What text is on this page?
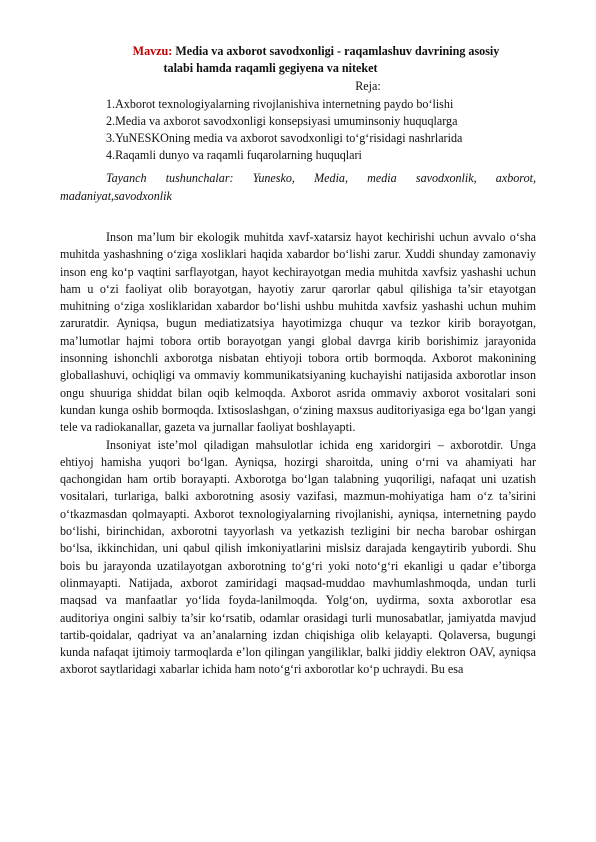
Mavzu: Media va axborot savodxonligi - raqamlashuv davrining asosiy
talabi hamda raqamli gegiyena va niteket
Reja:
1.Axborot texnologiyalarning rivojlanishiva internetning paydo bo‘lishi
2.Media va axborot savodxonligi konsepsiyasi umuminsoniy huquqlarga
3.YuNESKOning media va axborot savodxonligi to‘g‘risidagi nashrlarida
4.Raqamli dunyo va raqamli fuqarolarning huquqlari
Tayanch tushunchalar: Yunesko, Media, media savodxonlik, axborot, madaniyat,savodxonlik

Inson ma’lum bir ekologik muhitda xavf-xatarsiz hayot kechirishi uchun avvalo o‘sha muhitda yashashning o‘ziga xosliklari haqida xabardor bo‘lishi zarur. Xuddi shunday zamonaviy inson eng ko‘p vaqtini sarflayotgan, hayot kechirayotgan media muhitda xavfsiz yashashi uchun ham u o‘zi faoliyat olib borayotgan, hayotiy zarur qarorlar qabul qilishiga ta’sir etayotgan muhitning o‘ziga xosliklaridan xabardor bo‘lishi ushbu muhitda xavfsiz yashashi uchun muhim zaruratdir. Ayniqsa, bugun mediatizatsiya hayotimizga chuqur va tezkor kirib borayotgan, ma’lumotlar hajmi tobora ortib borayotgan yangi global davrga kirib borishimiz jarayonida insonning ishonchli axborotga nisbatan ehtiyoji tobora ortib bormoqda. Axborot makonining globallashuvi, ochiqligi va ommaviy kommunikatsiyaning kuchayishi natijasida axborotlar inson ongu shuuriga shiddat bilan oqib kelmoqda. Axborot asrida ommaviy axborot vositalari soni kundan kunga oshib bormoqda. Ixtisoslashgan, o‘zining maxsus auditoriyasiga ega bo‘lgan yangi tele va radiokanallar, gazeta va jurnallar faoliyat boshlayapti.

Insoniyat iste’mol qiladigan mahsulotlar ichida eng xaridorgiri – axborotdir. Unga ehtiyoj hamisha yuqori bo‘lgan. Ayniqsa, hozirgi sharoitda, uning o‘rni va ahamiyati har qachongidan ham ortib borayapti. Axborotga bo‘lgan talabning yuqoriligi, nafaqat uni uzatish vositalari, turlariga, balki axborotning asosiy vazifasi, mazmun-mohiyatiga ham o‘z ta’sirini o‘tkazmasdan qolmayapti. Axborot texnologiyalarning rivojlanishi, ayniqsa, internetning paydo bo‘lishi, birinchidan, axborotni tayyorlash va yetkazish tezligini bir necha barobar oshirgan bo‘lsa, ikkinchidan, uni qabul qilish imkoniyatlarini mislsiz darajada kengaytirib yubordi. Shu bois bu jarayonda uzatilayotgan axborotning to‘g‘ri yoki noto‘g‘ri ekanligi u qadar e’tiborga olinmayapti. Natijada, axborot zamiridagi maqsad-muddao mavhumlashmoqda, undan turli maqsad va manfaatlar yo‘lida foyda-lanilmoqda. Yolg‘on, uydirma, soxta axborotlar esa auditoriya ongini salbiy ta’sir ko‘rsatib, odamlar orasidagi turli munosabatlar, jamiyatda mavjud tartib-qoidalar, qadriyat va an’analarning izdan chiqishiga olib kelayapti. Qolaversa, bugungi kunda nafaqat ijtimoiy tarmoqlarda e’lon qilingan yangiliklar, balki jiddiy elektron OAV, ayniqsa axborot saytlaridagi xabarlar ichida ham noto‘g‘ri axborotlar ko‘p uchraydi. Bu esa
